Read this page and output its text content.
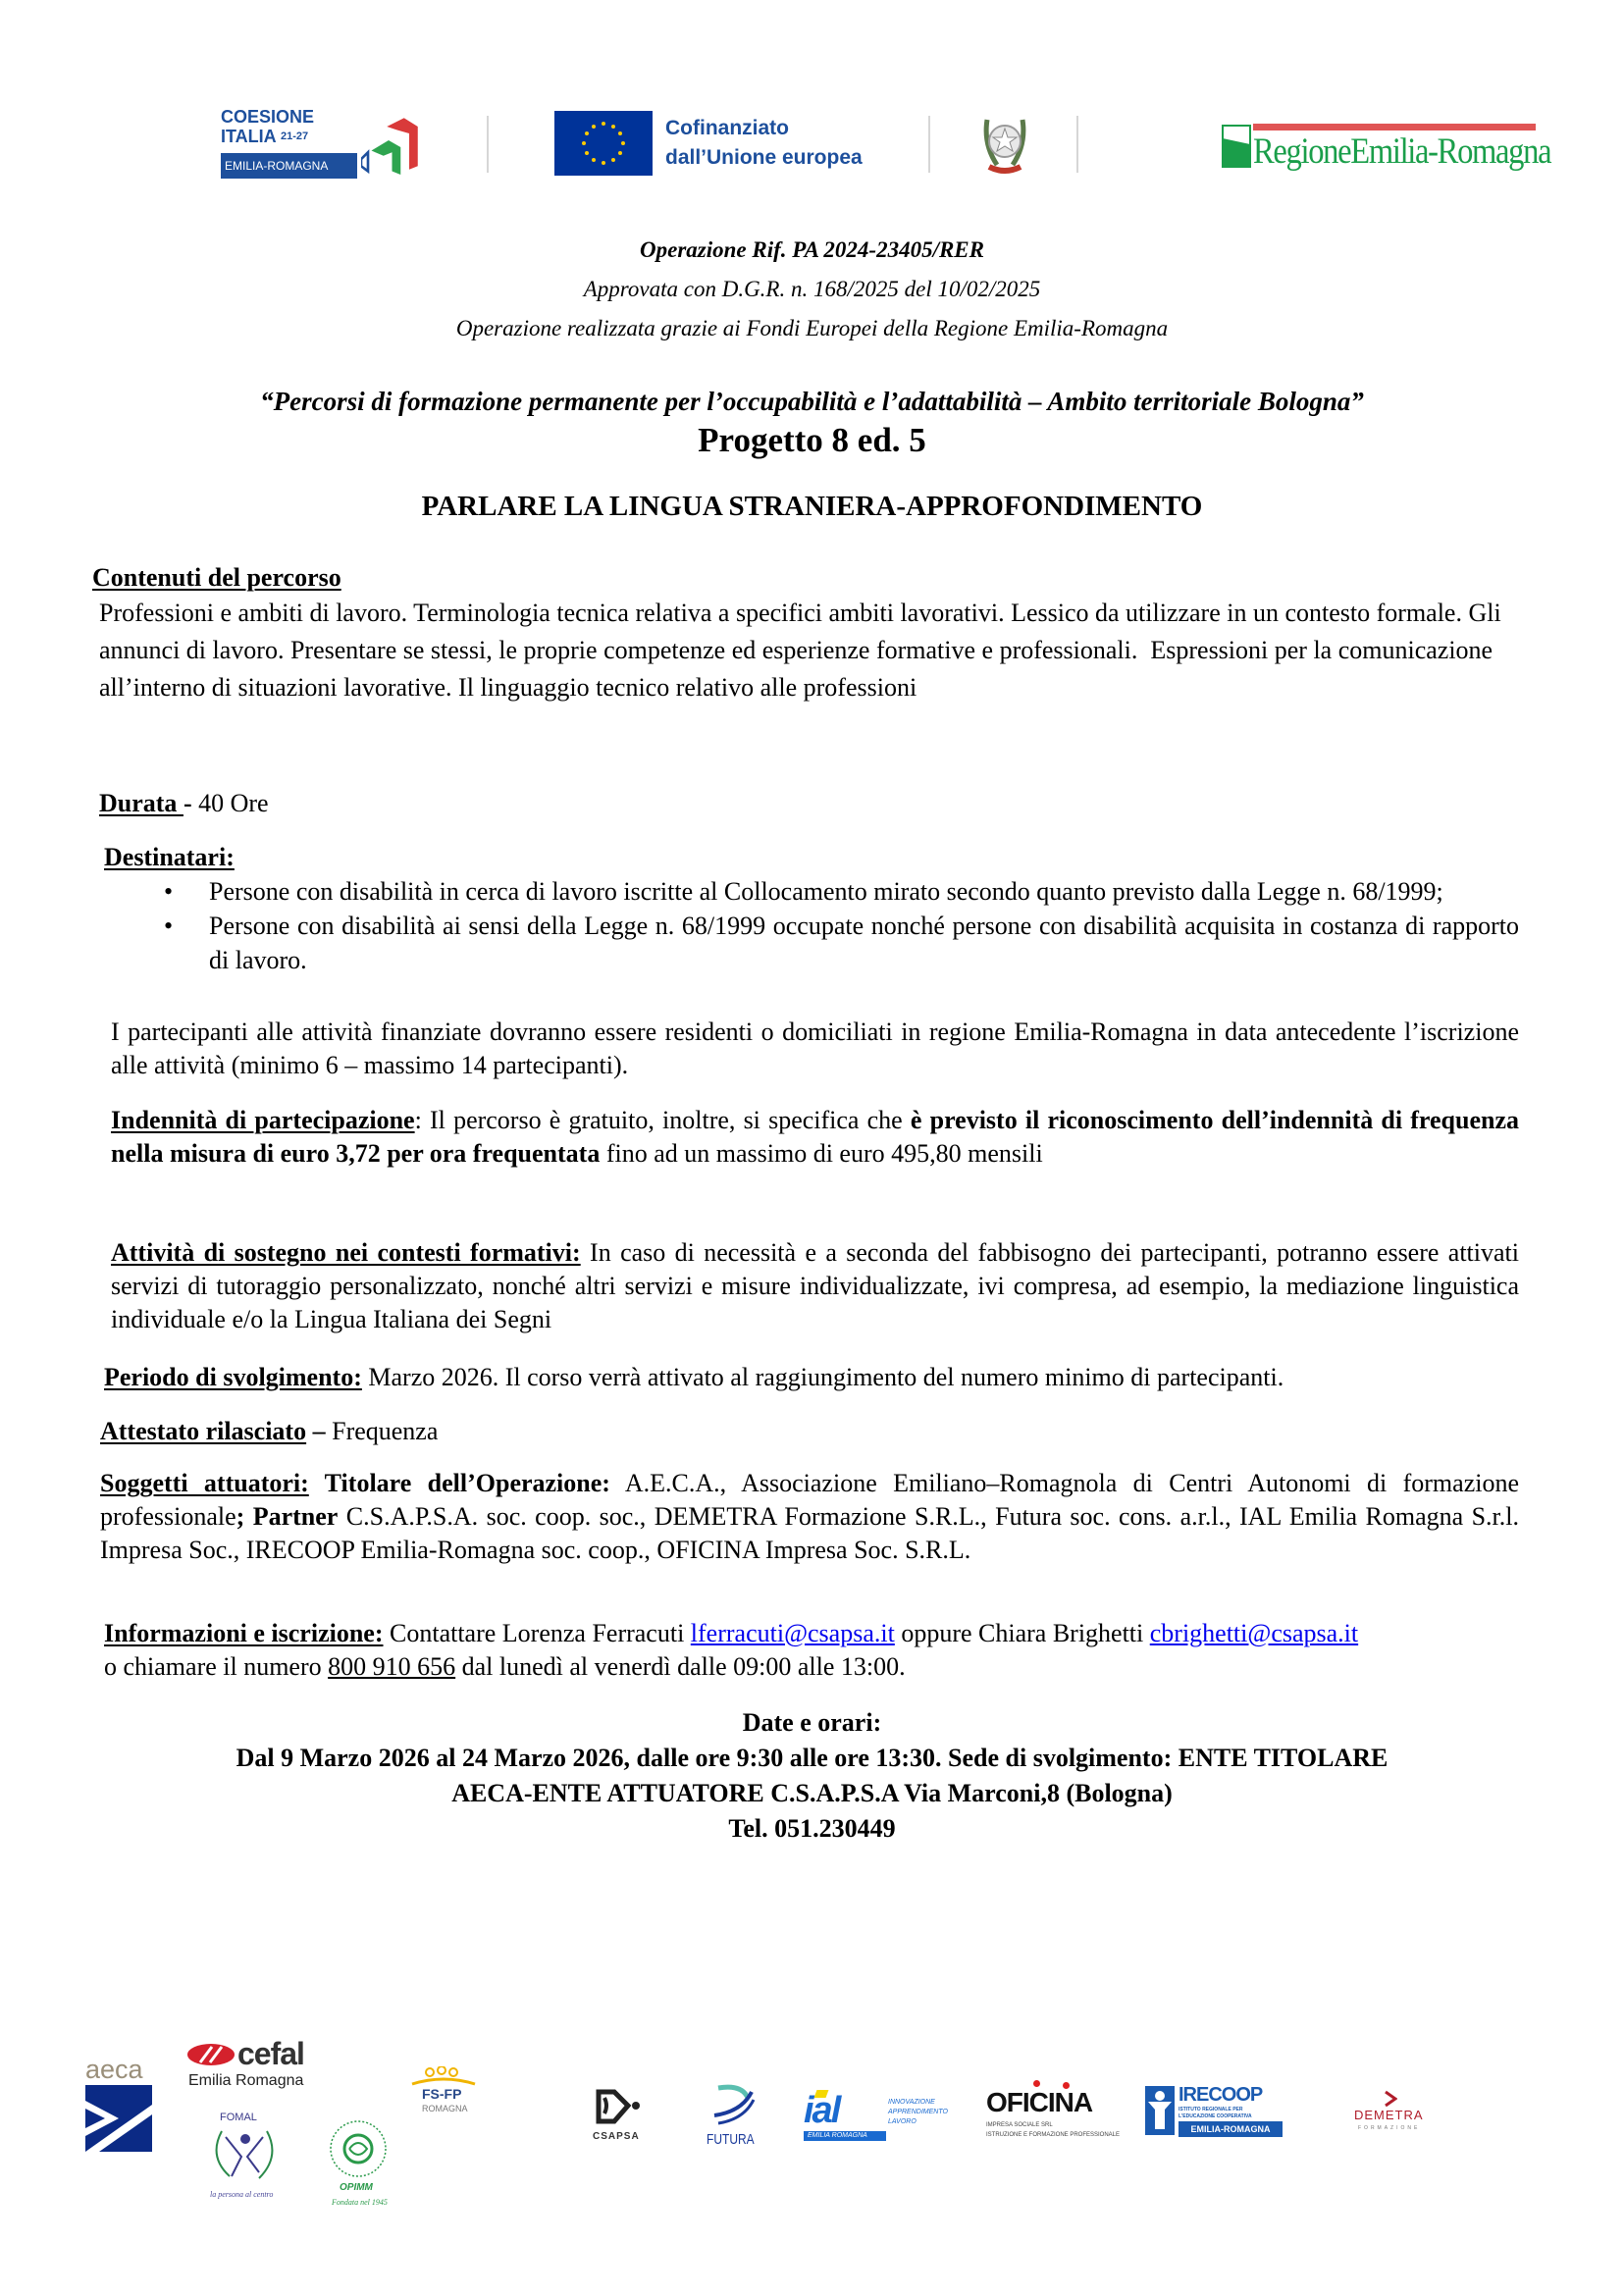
COESIONE
ITALIA $^{21-27}$
EMILIA-ROMAGNA
Cofinanziato
dall’Unione europea	RegioneEmilia-Romagna
Operazione Rif. PA 2024-23405/RER
Approvata con D.G.R. n. 168/2025 del 10/02/2025
Operazione realizzata grazie ai Fondi Europei della Regione Emilia-Romagna
“Percorsi di formazione permanente per l’occupabilità e l’adattabilità – Ambito territoriale Bologna”
Progetto 8 ed. 5
PARLARE LA LINGUA STRANIERA-APPROFONDIMENTO
Contenuti del percorso
Professioni e ambiti di lavoro. Terminologia tecnica relativa a specifici ambiti lavorativi. Lessico da utilizzare in un contesto formale. Gli annunci di lavoro. Presentare se stessi, le proprie competenze ed esperienze formative e professionali.  Espressioni per la comunicazione all’interno di situazioni lavorative. Il linguaggio tecnico relativo alle professioni
Durata - 40 Ore
Destinatari:
• Persone con disabilità in cerca di lavoro iscritte al Collocamento mirato secondo quanto previsto dalla Legge n. 68/1999;
• Persone con disabilità ai sensi della Legge n. 68/1999 occupate nonché persone con disabilità acquisita in costanza di rapporto di lavoro.
I partecipanti alle attività finanziate dovranno essere residenti o domiciliati in regione Emilia-Romagna in data antecedente l’iscrizione alle attività (minimo 6 – massimo 14 partecipanti).
Indennità di partecipazione: Il percorso è gratuito, inoltre, si specifica che è previsto il riconoscimento dell’indennità di frequenza nella misura di euro 3,72 per ora frequentata fino ad un massimo di euro 495,80 mensili
Attività di sostegno nei contesti formativi: In caso di necessità e a seconda del fabbisogno dei partecipanti, potranno essere attivati servizi di tutoraggio personalizzato, nonché altri servizi e misure individualizzate, ivi compresa, ad esempio, la mediazione linguistica individuale e/o la Lingua Italiana dei Segni
Periodo di svolgimento: Marzo 2026. Il corso verrà attivato al raggiungimento del numero minimo di partecipanti.
Attestato rilasciato – Frequenza
Soggetti attuatori: Titolare dell’Operazione: A.E.C.A., Associazione Emiliano–Romagnola di Centri Autonomi di formazione professionale; Partner C.S.A.P.S.A. soc. coop. soc., DEMETRA Formazione S.R.L., Futura soc. cons. a.r.l., IAL Emilia Romagna S.r.l. Impresa Soc., IRECOOP Emilia-Romagna soc. coop., OFICINA Impresa Soc. S.R.L.
Informazioni e iscrizione: Contattare Lorenza Ferracuti lferracuti@csapsa.it oppure Chiara Brighetti cbrighetti@csapsa.it o chiamare il numero 800 910 656 dal lunedì al venerdì dalle 09:00 alle 13:00.
Date e orari:
Dal 9 Marzo 2026 al 24 Marzo 2026, dalle ore 9:30 alle ore 13:30. Sede di svolgimento: ENTE TITOLARE
AECA-ENTE ATTUATORE C.S.A.P.S.A Via Marconi,8 (Bologna)
Tel. 051.230449
aeca	cefal
Emilia Romagna
FOMAL
la persona al centro
OPIMM
Fondata nel 1945
FS-FP
ROMAGNA
CSAPSA	FUTURA
ial
EMILIA ROMAGNA
INNOVAZIONE
APPRENDIMENTO
LAVORO
OFICINA
IMPRESA SOCIALE SRL
ISTRUZIONE E FORMAZIONE PROFESSIONALE
IRECOOP
ISTITUTO REGIONALE PER
L'EDUCAZIONE COOPERATIVA
EMILIA-ROMAGNA
DEMETRA
FORMAZIONE
